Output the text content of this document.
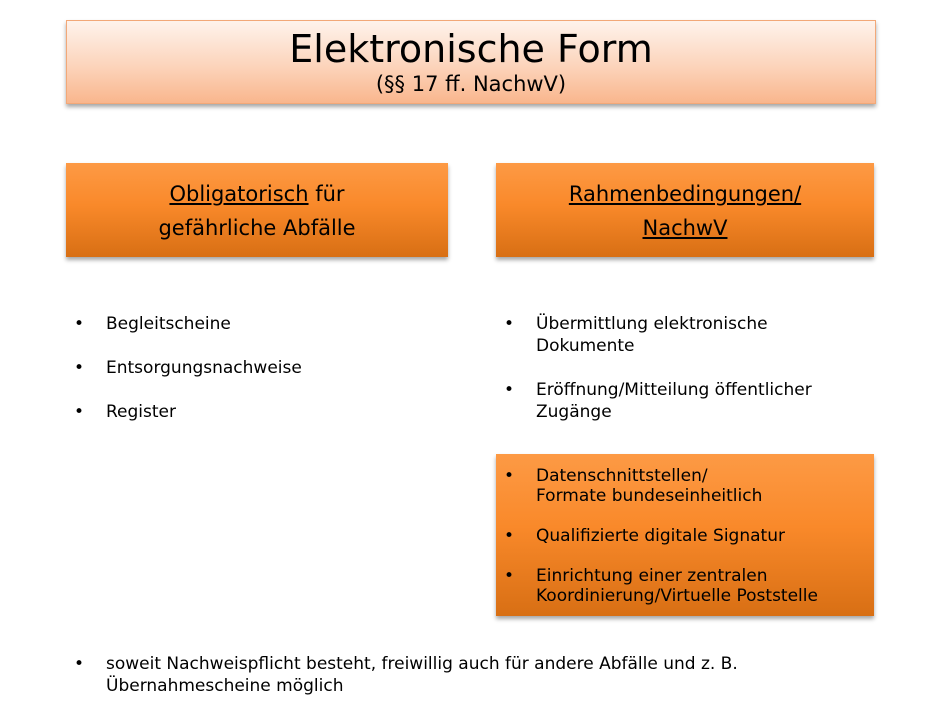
Elektronische Form
(§§ 17 ff. NachwV)
Obligatorisch für
gefährliche Abfälle
Rahmenbedingungen/
NachwV
• Begleitscheine
• Entsorgungsnachweise
• Register
• Übermittlung elektronische
Dokumente
• Eröffnung/Mitteilung öffentlicher
Zugänge
• Datenschnittstellen/
Formate bundeseinheitlich
• Qualifizierte digitale Signatur
• Einrichtung einer zentralen
Koordinierung/Virtuelle Poststelle
• soweit Nachweispflicht besteht, freiwillig auch für andere Abfälle und z. B.
Übernahmescheine möglich
